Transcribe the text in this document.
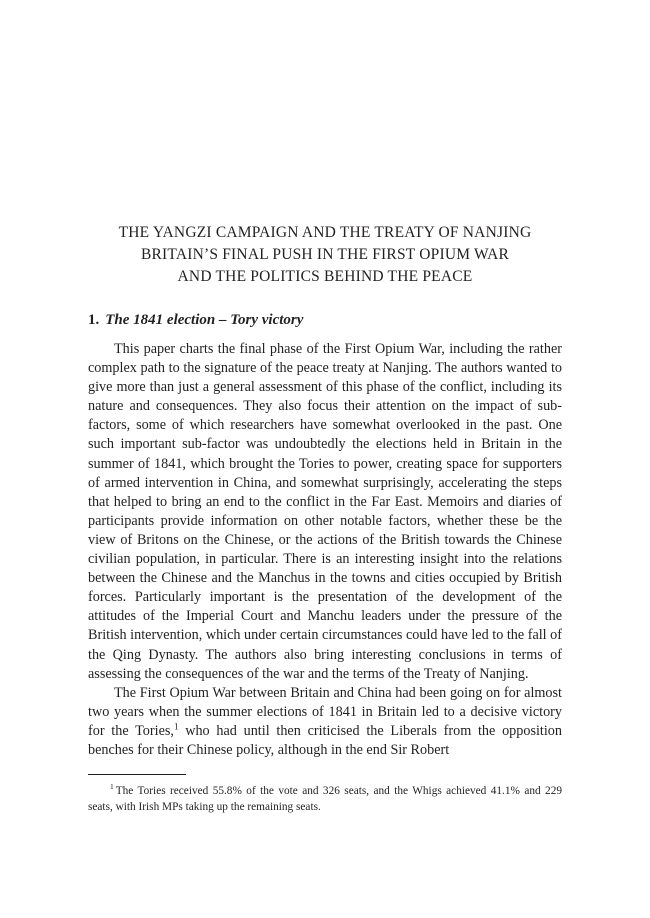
THE YANGZI CAMPAIGN AND THE TREATY OF NANJING
BRITAIN’S FINAL PUSH IN THE FIRST OPIUM WAR
AND THE POLITICS BEHIND THE PEACE
1. The 1841 election – Tory victory

This paper charts the final phase of the First Opium War, including the rather complex path to the signature of the peace treaty at Nanjing. The authors wanted to give more than just a general assessment of this phase of the conflict, including its nature and consequences. They also focus their attention on the impact of sub-factors, some of which researchers have somewhat overlooked in the past. One such important sub-factor was undoubtedly the elections held in Britain in the summer of 1841, which brought the Tories to power, creating space for supporters of armed intervention in China, and somewhat surprisingly, accelerating the steps that helped to bring an end to the conflict in the Far East. Memoirs and diaries of participants provide information on other notable factors, whether these be the view of Britons on the Chinese, or the actions of the British towards the Chinese civilian population, in particular. There is an interesting insight into the relations between the Chinese and the Manchus in the towns and cities occupied by British forces. Particularly important is the presentation of the development of the attitudes of the Imperial Court and Manchu leaders under the pressure of the British intervention, which under certain circumstances could have led to the fall of the Qing Dynasty. The authors also bring interesting conclusions in terms of assessing the consequences of the war and the terms of the Treaty of Nanjing.

The First Opium War between Britain and China had been going on for almost two years when the summer elections of 1841 in Britain led to a decisive victory for the Tories,$^1$ who had until then criticised the Liberals from the opposition benches for their Chinese policy, although in the end Sir Robert

$^1$ The Tories received 55.8% of the vote and 326 seats, and the Whigs achieved 41.1% and 229 seats, with Irish MPs taking up the remaining seats.
